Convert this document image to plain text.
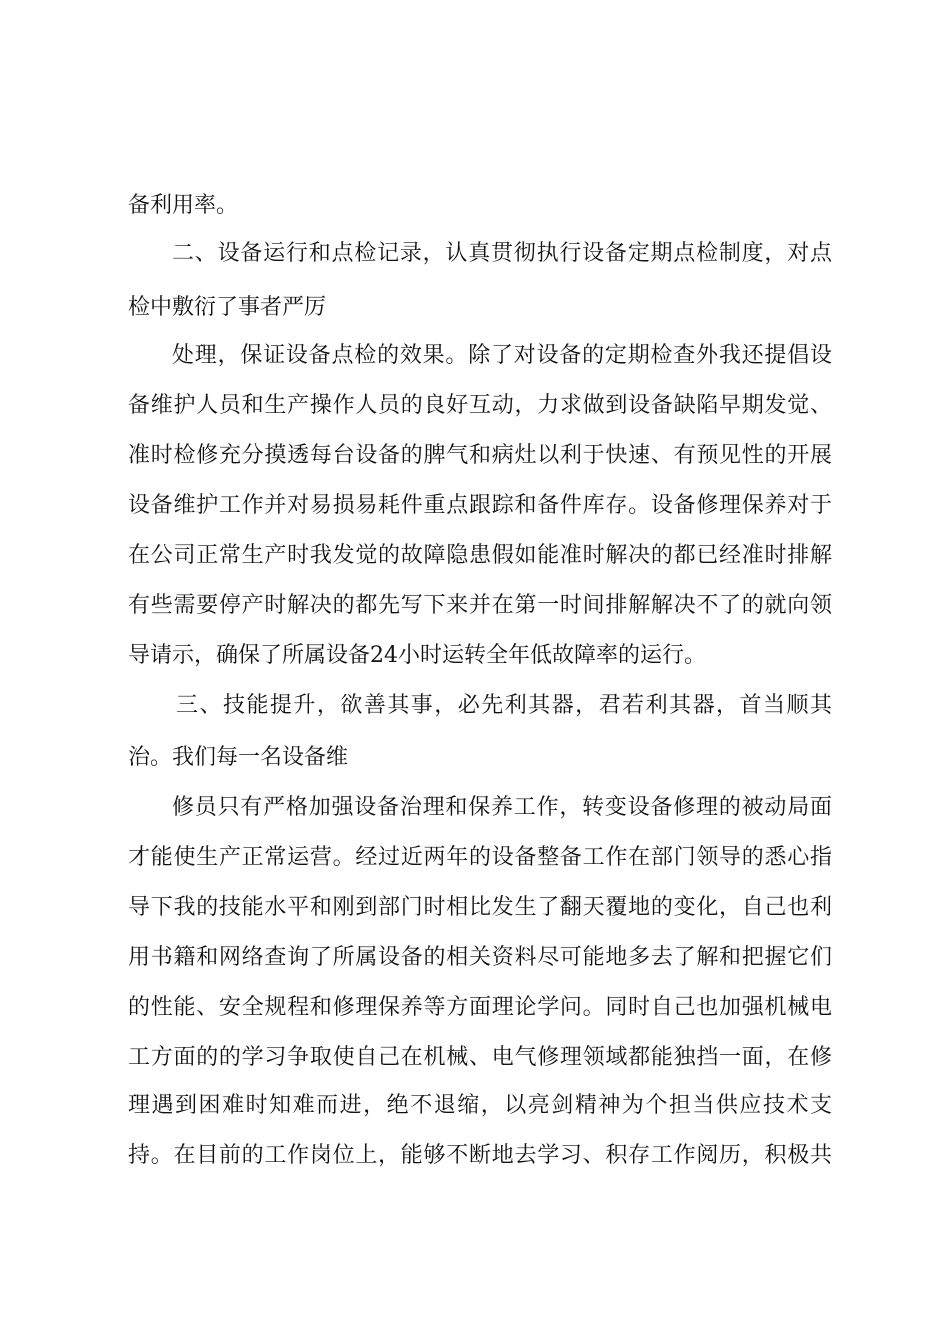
备利用率。
二、设备运行和点检记录，认真贯彻执行设备定期点检制度，对点
检中敷衍了事者严厉
处理，保证设备点检的效果。除了对设备的定期检查外我还提倡设
备维护人员和生产操作人员的良好互动，力求做到设备缺陷早期发觉、
准时检修充分摸透每台设备的脾气和病灶以利于快速、有预见性的开展
设备维护工作并对易损易耗件重点跟踪和备件库存。设备修理保养对于
在公司正常生产时我发觉的故障隐患假如能准时解决的都已经准时排解
有些需要停产时解决的都先写下来并在第一时间排解解决不了的就向领
导请示，确保了所属设备24小时运转全年低故障率的运行。
三、技能提升，欲善其事，必先利其器，君若利其器，首当顺其
治。我们每一名设备维
修员只有严格加强设备治理和保养工作，转变设备修理的被动局面
才能使生产正常运营。经过近两年的设备整备工作在部门领导的悉心指
导下我的技能水平和刚到部门时相比发生了翻天覆地的变化，自己也利
用书籍和网络查询了所属设备的相关资料尽可能地多去了解和把握它们
的性能、安全规程和修理保养等方面理论学问。同时自己也加强机械电
工方面的的学习争取使自己在机械、电气修理领域都能独挡一面，在修
理遇到困难时知难而进，绝不退缩，以亮剑精神为个担当供应技术支
持。在目前的工作岗位上，能够不断地去学习、积存工作阅历，积极共
